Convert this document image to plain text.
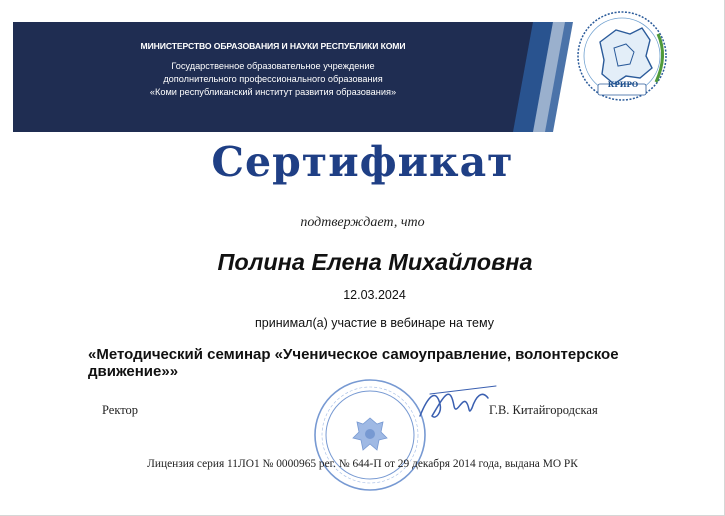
МИНИСТЕРСТВО ОБРАЗОВАНИЯ И НАУКИ РЕСПУБЛИКИ КОМИ
Государственное образовательное учреждение
дополнительного профессионального образования
«Коми республиканский институт развития образования»
КРИРО
Сертификат
подтверждает, что
Полина Елена Михайловна
12.03.2024
принимал(а) участие в вебинаре на тему
«Методический семинар «Ученическое самоуправление, волонтерское движение»»
Ректор	Г.В. Китайгородская
Лицензия серия 11ЛО1 № 0000965 рег. № 644-П от 29 декабря 2014 года, выдана МО РК
